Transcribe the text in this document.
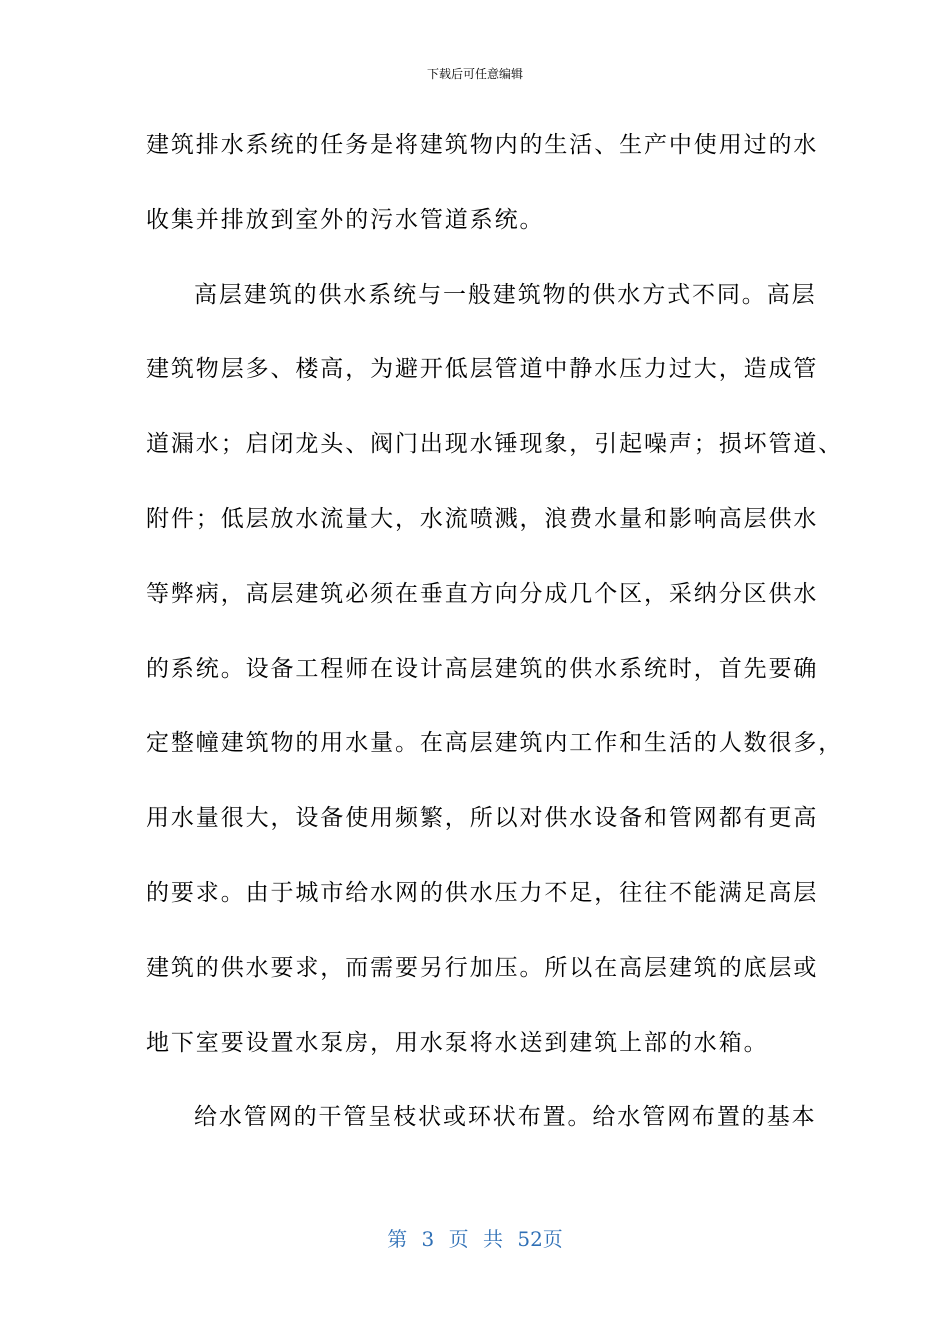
下载后可任意编辑
建筑排水系统的任务是将建筑物内的生活、生产中使用过的水
收集并排放到室外的污水管道系统。
高层建筑的供水系统与一般建筑物的供水方式不同。高层
建筑物层多、楼高，为避开低层管道中静水压力过大，造成管
道漏水；启闭龙头、阀门出现水锤现象，引起噪声；损坏管道、
附件；低层放水流量大，水流喷溅，浪费水量和影响高层供水
等弊病，高层建筑必须在垂直方向分成几个区，采纳分区供水
的系统。设备工程师在设计高层建筑的供水系统时，首先要确
定整幢建筑物的用水量。在高层建筑内工作和生活的人数很多，
用水量很大，设备使用频繁，所以对供水设备和管网都有更高
的要求。由于城市给水网的供水压力不足，往往不能满足高层
建筑的供水要求，而需要另行加压。所以在高层建筑的底层或
地下室要设置水泵房，用水泵将水送到建筑上部的水箱。
给水管网的干管呈枝状或环状布置。给水管网布置的基本
第 3 页 共 52页
